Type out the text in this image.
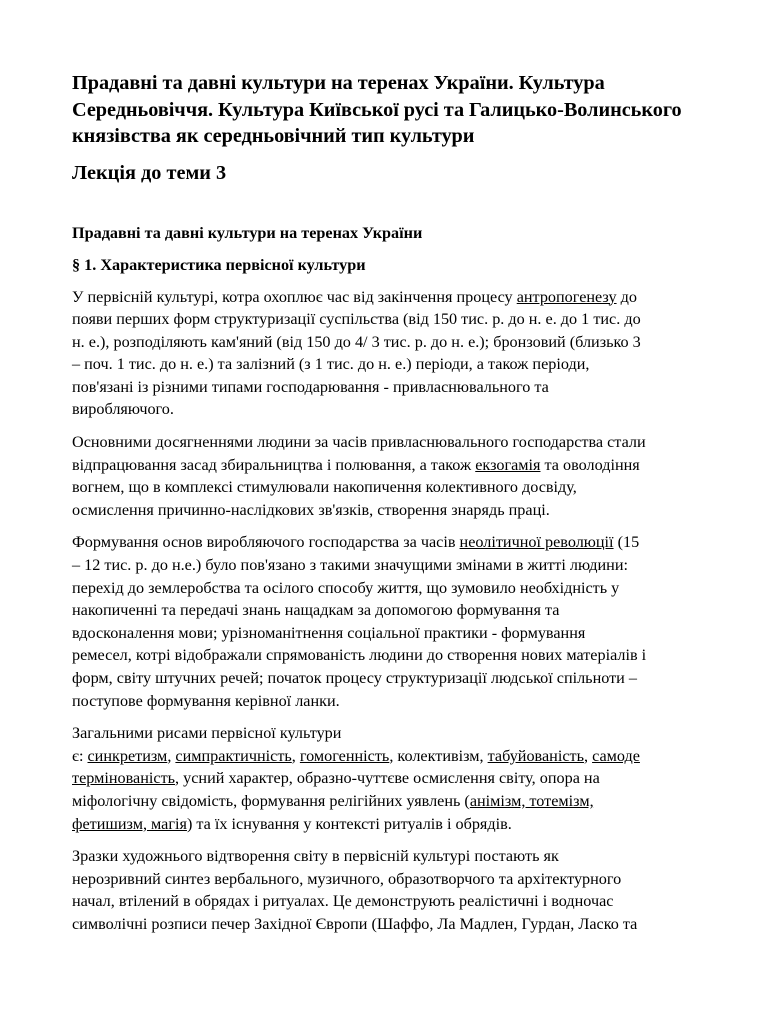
Прадавні та давні культури на теренах України. Культура
Середньовіччя. Культура Київської русі та Галицько-Волинського
князівства як середньовічний тип культури
Лекція до теми 3
Прадавні та давні культури на теренах України
§ 1. Характеристика первісної культури

У первісній культурі, котра охоплює час від закінчення процесу антропогенезу до
появи перших форм структуризації суспільства (від 150 тис. р. до н. е. до 1 тис. до
н. е.), розподіляють кам'яний (від 150 до 4/ 3 тис. р. до н. е.); бронзовий (близько 3
– поч. 1 тис. до н. е.) та залізний (з 1 тис. до н. е.) періоди, а також періоди,
пов'язані із різними типами господарювання - привласнювального та
виробляючого.

Основними досягненнями людини за часів привласнювального господарства стали
відпрацювання засад збиральництва і полювання, а також екзогамія та оволодіння
вогнем, що в комплексі стимулювали накопичення колективного досвіду,
осмислення причинно-наслідкових зв'язків, створення знарядь праці.

Формування основ виробляючого господарства за часів неолітичної революції (15
– 12 тис. р. до н.е.) було пов'язано з такими значущими змінами в житті людини:
перехід до землеробства та осілого способу життя, що зумовило необхідність у
накопиченні та передачі знань нащадкам за допомогою формування та
вдосконалення мови; урізноманітнення соціальної практики - формування
ремесел, котрі відображали спрямованість людини до створення нових матеріалів і
форм, світу штучних речей; початок процесу структуризації людської спільноти –
поступове формування керівної ланки.

Загальними рисами первісної культури
є: синкретизм, симпрактичність, гомогенність, колективізм, табуйованість, самоде
термінованість, усний характер, образно-чуттєве осмислення світу, опора на
міфологічну свідомість, формування релігійних уявлень (анімізм, тотемізм,
фетишизм, магія) та їх існування у контексті ритуалів і обрядів.

Зразки художнього відтворення світу в первісній культурі постають як
нерозривний синтез вербального, музичного, образотворчого та архітектурного
начал, втілений в обрядах і ритуалах. Це демонструють реалістичні і водночас
символічні розписи печер Західної Європи (Шаффо, Ла Мадлен, Гурдан, Ласко та
